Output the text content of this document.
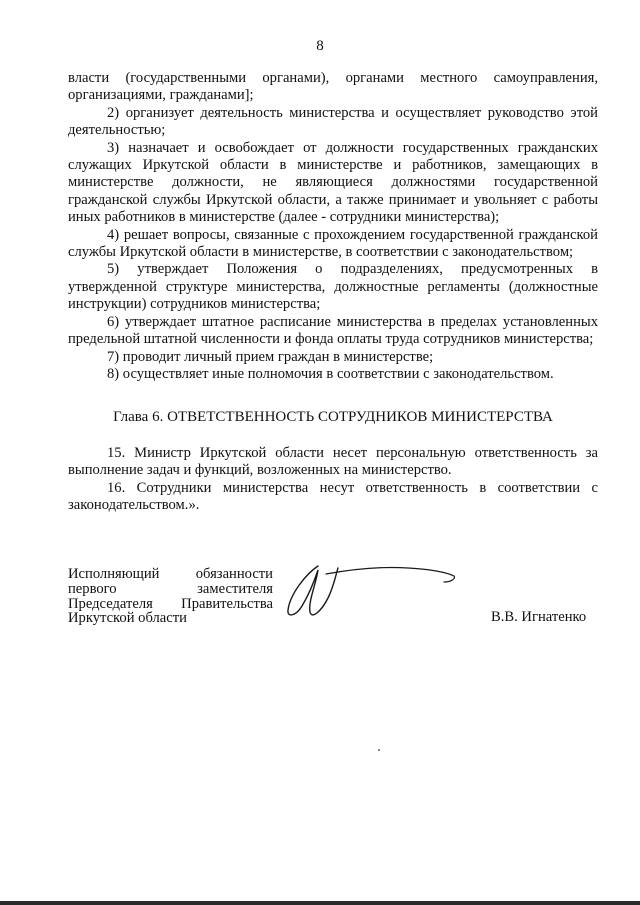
8

власти (государственными органами), органами местного самоуправления, организациями, гражданами];

2) организует деятельность министерства и осуществляет руководство этой деятельностью;

3) назначает и освобождает от должности государственных гражданских служащих Иркутской области в министерстве и работников, замещающих в министерстве должности, не являющиеся должностями государственной гражданской службы Иркутской области, а также принимает и увольняет с работы иных работников в министерстве (далее - сотрудники министерства);

4) решает вопросы, связанные с прохождением государственной гражданской службы Иркутской области в министерстве, в соответствии с законодательством;

5) утверждает Положения о подразделениях, предусмотренных в утвержденной структуре министерства, должностные регламенты (должностные инструкции) сотрудников министерства;

6) утверждает штатное расписание министерства в пределах установленных предельной штатной численности и фонда оплаты труда сотрудников министерства;

7) проводит личный прием граждан в министерстве;

8) осуществляет иные полномочия в соответствии с законодательством.

Глава 6. ОТВЕТСТВЕННОСТЬ СОТРУДНИКОВ МИНИСТЕРСТВА

15. Министр Иркутской области несет персональную ответственность за выполнение задач и функций, возложенных на министерство.

16. Сотрудники министерства несут ответственность в соответствии с законодательством.».

Исполняющий обязанности
первого	заместителя
Председателя Правительства
Иркутской области	В.В. Игнатенко
